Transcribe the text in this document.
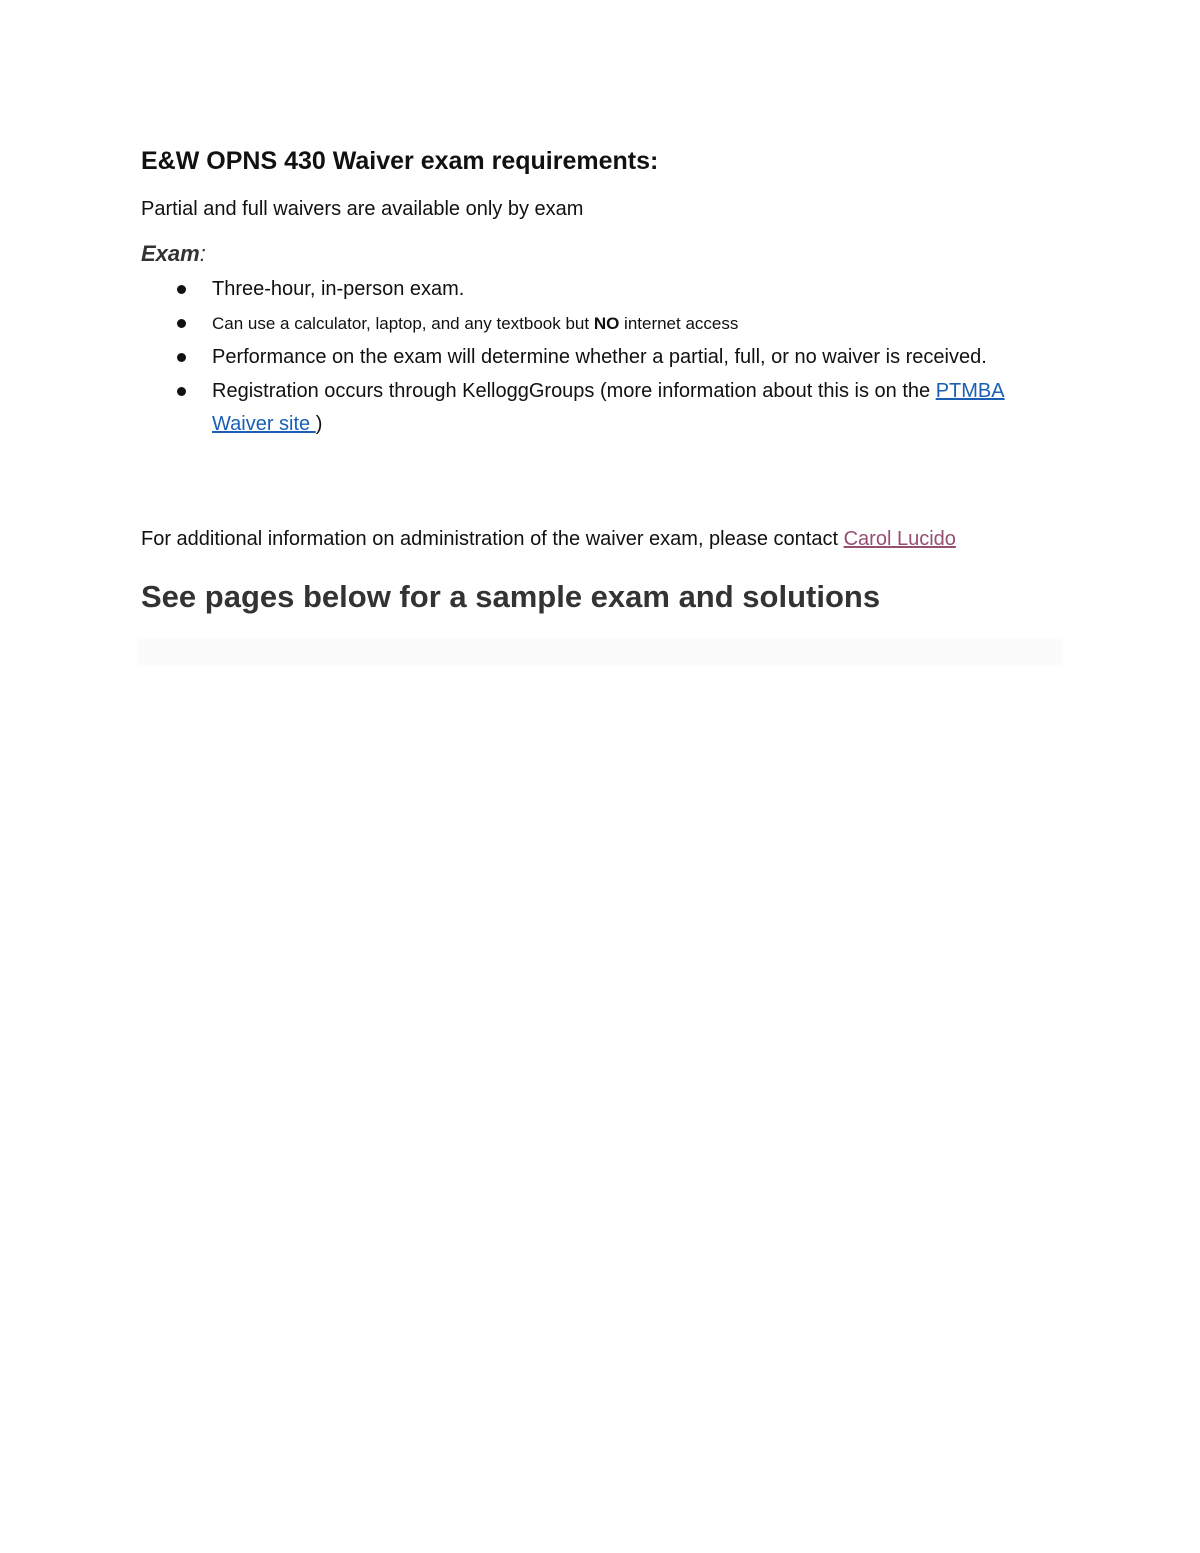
E&W OPNS 430 Waiver exam requirements:

Partial and full waivers are available only by exam

Exam:

Three-hour, in-person exam.
Can use a calculator, laptop, and any textbook but NO internet access
Performance on the exam will determine whether a partial, full, or no waiver is received.
Registration occurs through KelloggGroups (more information about this is on the PTMBA Waiver site )

For additional information on administration of the waiver exam, please contact Carol Lucido

See pages below for a sample exam and solutions
